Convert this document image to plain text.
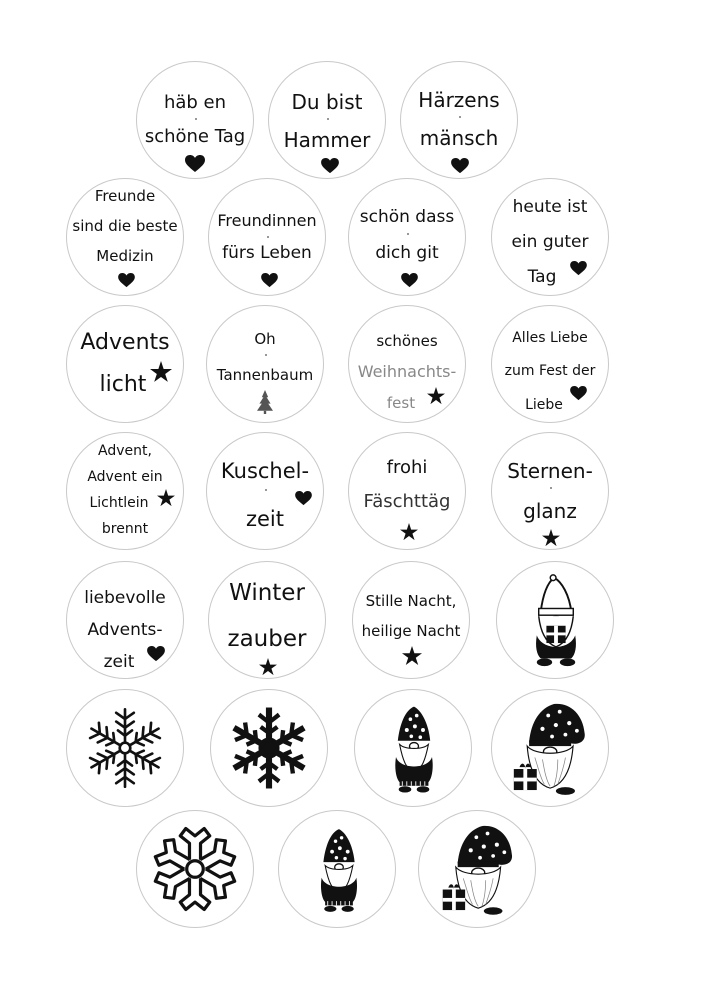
häb en
schöne Tag
Du bist
Hammer
Härzens
mänsch
Freunde
sind die beste
Medizin
Freundinnen
fürs Leben
schön dass
dich git
heute ist
ein guter
Tag
Advents
licht
Oh
Tannenbaum
schönes
Weihnachts-
fest
Alles Liebe
zum Fest der
Liebe
Advent,
Advent ein
Lichtlein
brennt
Kuschel-
zeit
frohi
Fäschttäg
Sternen-
glanz
liebevolle
Advents-
zeit
Winter
zauber
Stille Nacht,
heilige Nacht
